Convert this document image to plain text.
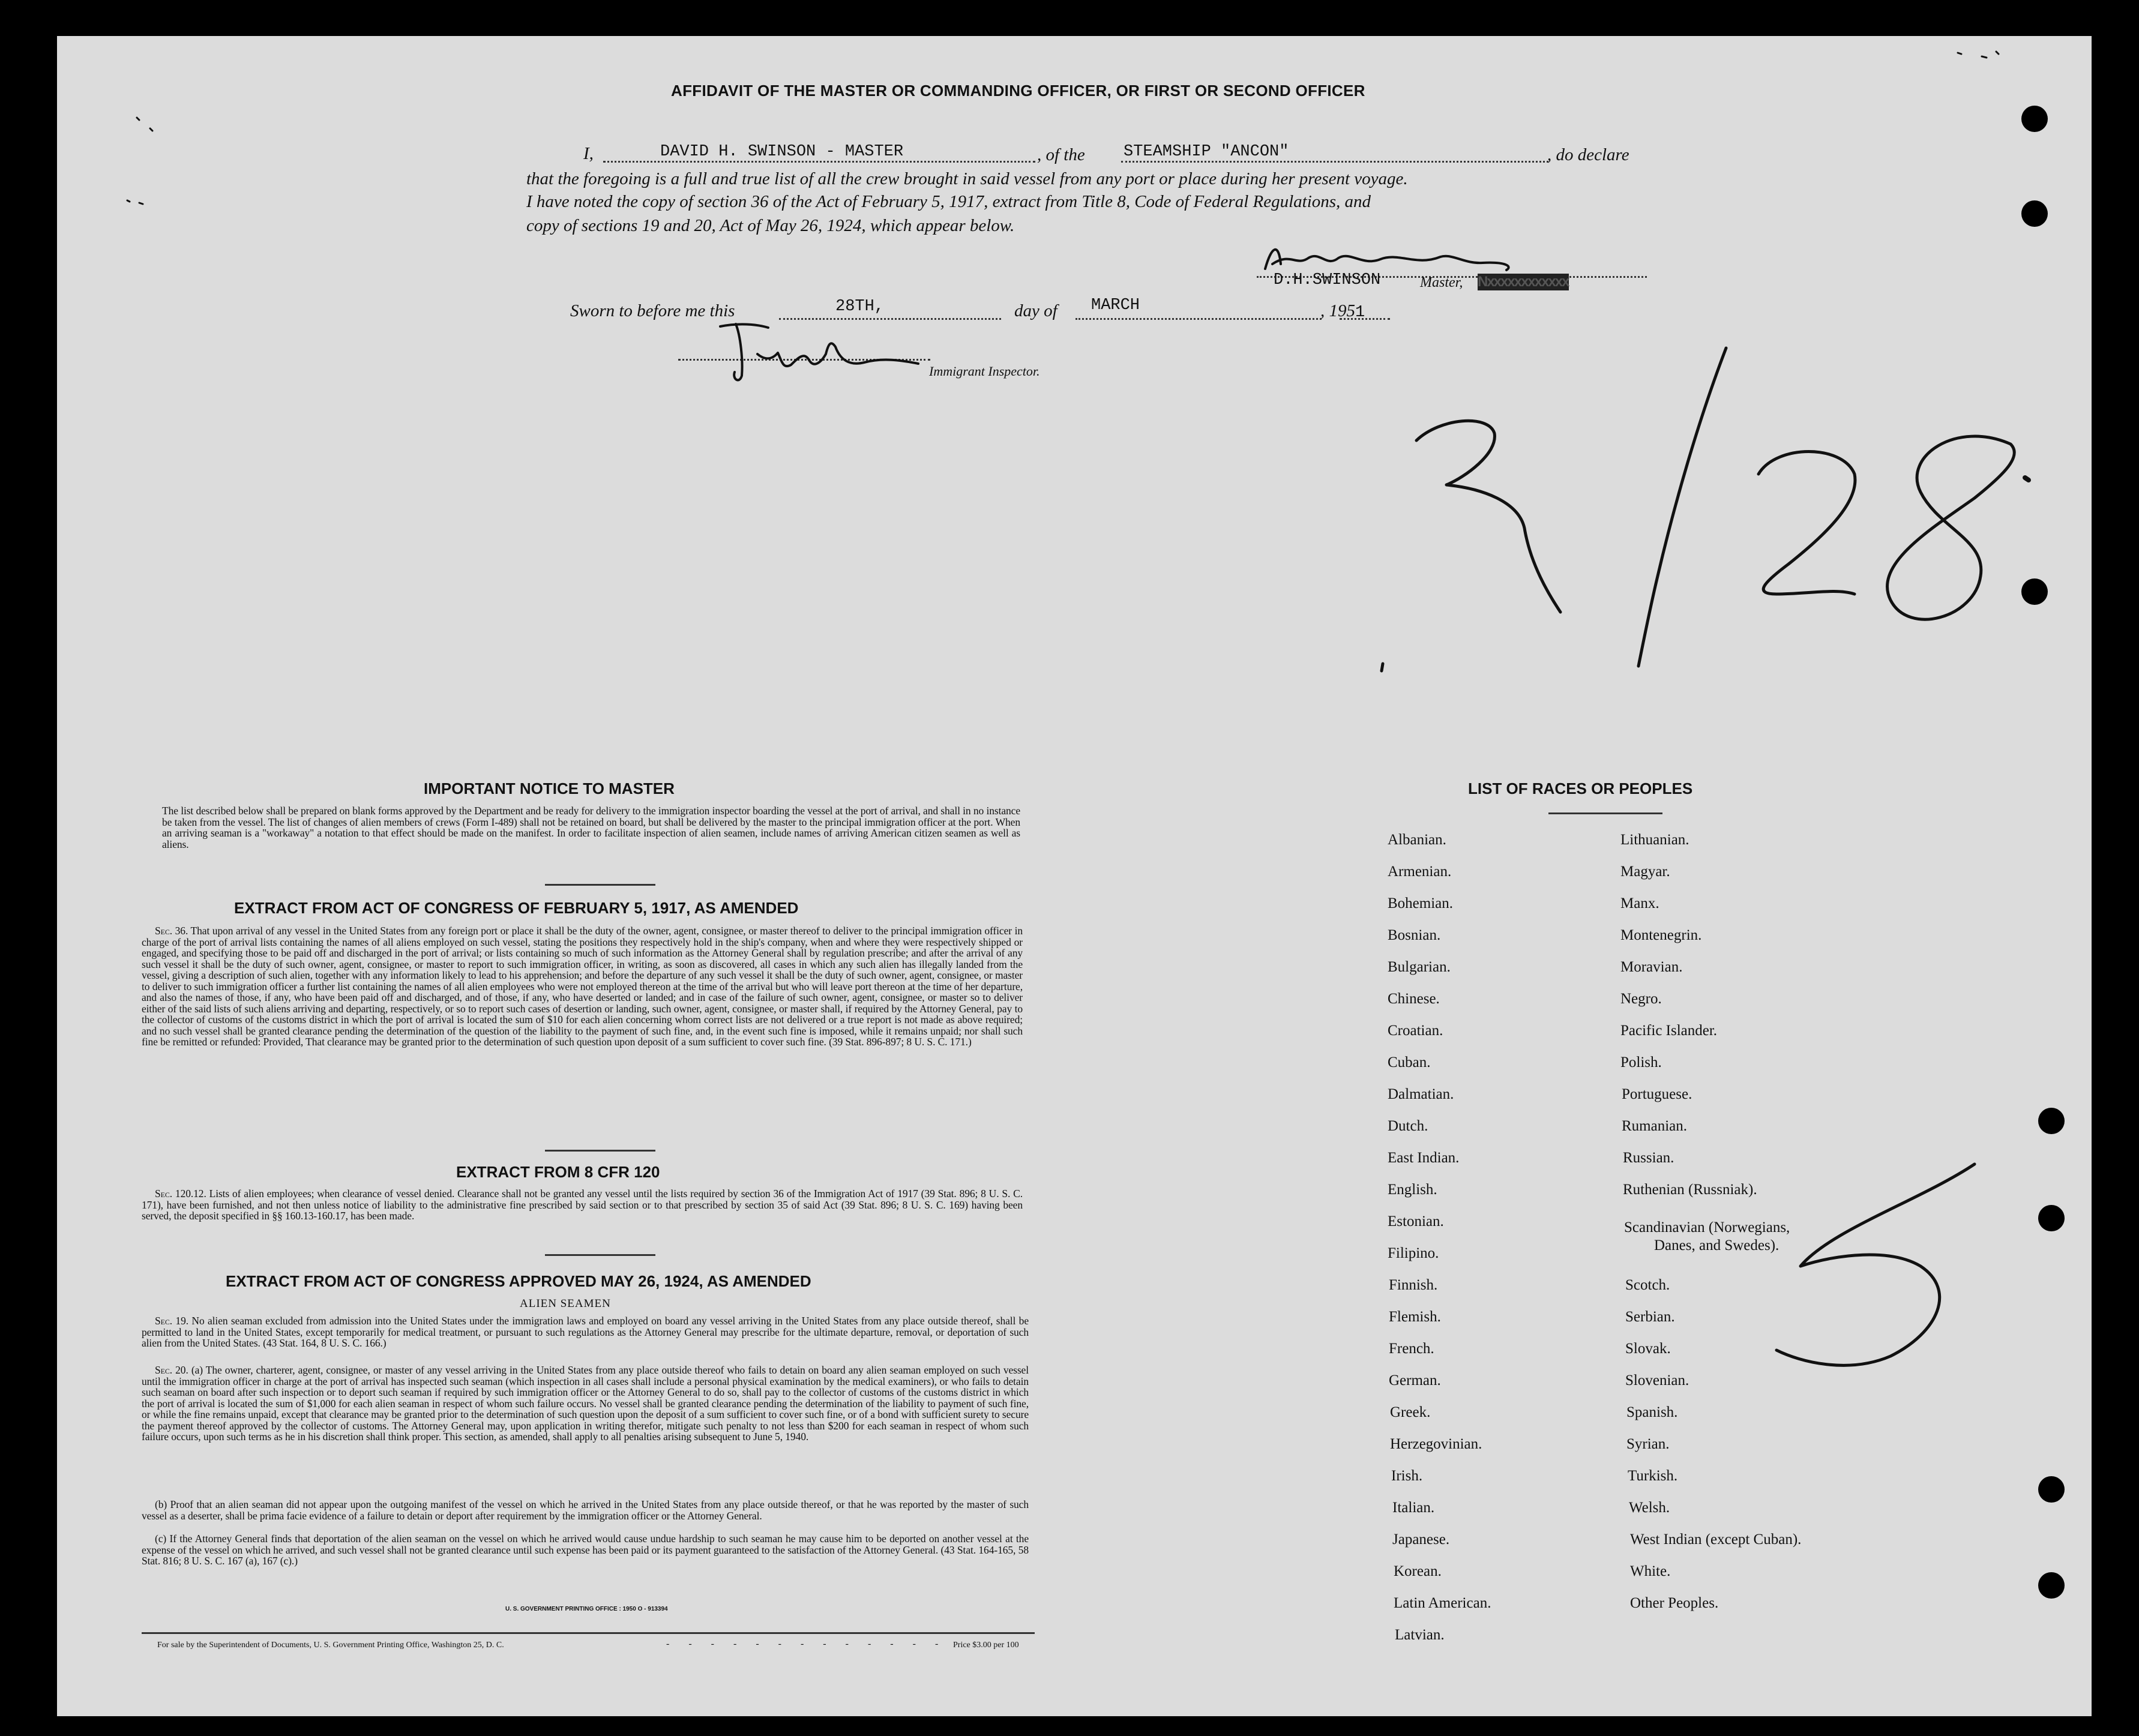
AFFIDAVIT OF THE MASTER OR COMMANDING OFFICER, OR FIRST OR SECOND OFFICER
I,	DAVID H. SWINSON - MASTER	, of the STEAMSHIP "ANCON"	, do declare
that the foregoing is a full and true list of all the crew brought in said vessel from any port or place during her present voyage.
I have noted the copy of section 36 of the Act of February 5, 1917, extract from Title 8, Code of Federal Regulations, and
copy of sections 19 and 20, Act of May 26, 1924, which appear below.
D.H.SWINSON	Master, Nxxxxxxxxxxxx
Sworn to before me this	28TH,	day of MARCH	, 1951
Immigrant Inspector.
IMPORTANT NOTICE TO MASTER
The list described below shall be prepared on blank forms approved by the Department and be ready for delivery to the immigration inspector boarding the vessel at the port of arrival, and shall in no instance be taken from the vessel. The list of changes of alien members of crews (Form I-489) shall not be retained on board, but shall be delivered by the master to the principal immigration officer at the port. When an arriving seaman is a "workaway" a notation to that effect should be made on the manifest. In order to facilitate inspection of alien seamen, include names of arriving American citizen seamen as well as aliens.
EXTRACT FROM ACT OF CONGRESS OF FEBRUARY 5, 1917, AS AMENDED
Sec. 36. That upon arrival of any vessel in the United States from any foreign port or place it shall be the duty of the owner, agent, consignee, or master thereof to deliver to the principal immigration officer in charge of the port of arrival lists containing the names of all aliens employed on such vessel, stating the positions they respectively hold in the ship's company, when and where they were respectively shipped or engaged, and specifying those to be paid off and discharged in the port of arrival; or lists containing so much of such information as the Attorney General shall by regulation prescribe; and after the arrival of any such vessel it shall be the duty of such owner, agent, consignee, or master to report to such immigration officer, in writing, as soon as discovered, all cases in which any such alien has illegally landed from the vessel, giving a description of such alien, together with any information likely to lead to his apprehension; and before the departure of any such vessel it shall be the duty of such owner, agent, consignee, or master to deliver to such immigration officer a further list containing the names of all alien employees who were not employed thereon at the time of the arrival but who will leave port thereon at the time of her departure, and also the names of those, if any, who have been paid off and discharged, and of those, if any, who have deserted or landed; and in case of the failure of such owner, agent, consignee, or master so to deliver either of the said lists of such aliens arriving and departing, respectively, or so to report such cases of desertion or landing, such owner, agent, consignee, or master shall, if required by the Attorney General, pay to the collector of customs of the customs district in which the port of arrival is located the sum of $10 for each alien concerning whom correct lists are not delivered or a true report is not made as above required; and no such vessel shall be granted clearance pending the determination of the question of the liability to the payment of such fine, and, in the event such fine is imposed, while it remains unpaid; nor shall such fine be remitted or refunded: Provided, That clearance may be granted prior to the determination of such question upon deposit of a sum sufficient to cover such fine. (39 Stat. 896-897; 8 U. S. C. 171.)
EXTRACT FROM 8 CFR 120
Sec. 120.12. Lists of alien employees; when clearance of vessel denied. Clearance shall not be granted any vessel until the lists required by section 36 of the Immigration Act of 1917 (39 Stat. 896; 8 U. S. C. 171), have been furnished, and not then unless notice of liability to the administrative fine prescribed by said section or to that prescribed by section 35 of said Act (39 Stat. 896; 8 U. S. C. 169) having been served, the deposit specified in §§ 160.13-160.17, has been made.
EXTRACT FROM ACT OF CONGRESS APPROVED MAY 26, 1924, AS AMENDED
ALIEN SEAMEN
Sec. 19. No alien seaman excluded from admission into the United States under the immigration laws and employed on board any vessel arriving in the United States from any place outside thereof, shall be permitted to land in the United States, except temporarily for medical treatment, or pursuant to such regulations as the Attorney General may prescribe for the ultimate departure, removal, or deportation of such alien from the United States. (43 Stat. 164, 8 U. S. C. 166.)
Sec. 20. (a) The owner, charterer, agent, consignee, or master of any vessel arriving in the United States from any place outside thereof who fails to detain on board any alien seaman employed on such vessel until the immigration officer in charge at the port of arrival has inspected such seaman (which inspection in all cases shall include a personal physical examination by the medical examiners), or who fails to detain such seaman on board after such inspection or to deport such seaman if required by such immigration officer or the Attorney General to do so, shall pay to the collector of customs of the customs district in which the port of arrival is located the sum of $1,000 for each alien seaman in respect of whom such failure occurs. No vessel shall be granted clearance pending the determination of the liability to payment of such fine, or while the fine remains unpaid, except that clearance may be granted prior to the determination of such question upon the deposit of a sum sufficient to cover such fine, or of a bond with sufficient surety to secure the payment thereof approved by the collector of customs. The Attorney General may, upon application in writing therefor, mitigate such penalty to not less than $200 for each seaman in respect of whom such failure occurs, upon such terms as he in his discretion shall think proper. This section, as amended, shall apply to all penalties arising subsequent to June 5, 1940.
(b) Proof that an alien seaman did not appear upon the outgoing manifest of the vessel on which he arrived in the United States from any place outside thereof, or that he was reported by the master of such vessel as a deserter, shall be prima facie evidence of a failure to detain or deport after requirement by the immigration officer or the Attorney General.
(c) If the Attorney General finds that deportation of the alien seaman on the vessel on which he arrived would cause undue hardship to such seaman he may cause him to be deported on another vessel at the expense of the vessel on which he arrived, and such vessel shall not be granted clearance until such expense has been paid or its payment guaranteed to the satisfaction of the Attorney General. (43 Stat. 164-165, 58 Stat. 816; 8 U. S. C. 167 (a), 167 (c).)
U. S. GOVERNMENT PRINTING OFFICE : 1950 O - 913394
For sale by the Superintendent of Documents, U. S. Government Printing Office, Washington 25, D. C.	- - - - - - - - - - - - - Price $3.00 per 100
LIST OF RACES OR PEOPLES
Albanian.
Armenian.
Bohemian.
Bosnian.
Bulgarian.
Chinese.
Croatian.
Cuban.
Dalmatian.
Dutch.
East Indian.
English.
Estonian.
Filipino.
Finnish.
Flemish.
French.
German.
Greek.
Herzegovinian.
Irish.
Italian.
Japanese.
Korean.
Latin American.
Latvian.
Lithuanian.
Magyar.
Manx.
Montenegrin.
Moravian.
Negro.
Pacific Islander.
Polish.
Portuguese.
Rumanian.
Russian.
Ruthenian (Russniak).
Scandinavian (Norwegians,
Danes, and Swedes).
Scotch.
Serbian.
Slovak.
Slovenian.
Spanish.
Syrian.
Turkish.
Welsh.
West Indian (except Cuban).
White.
Other Peoples.
